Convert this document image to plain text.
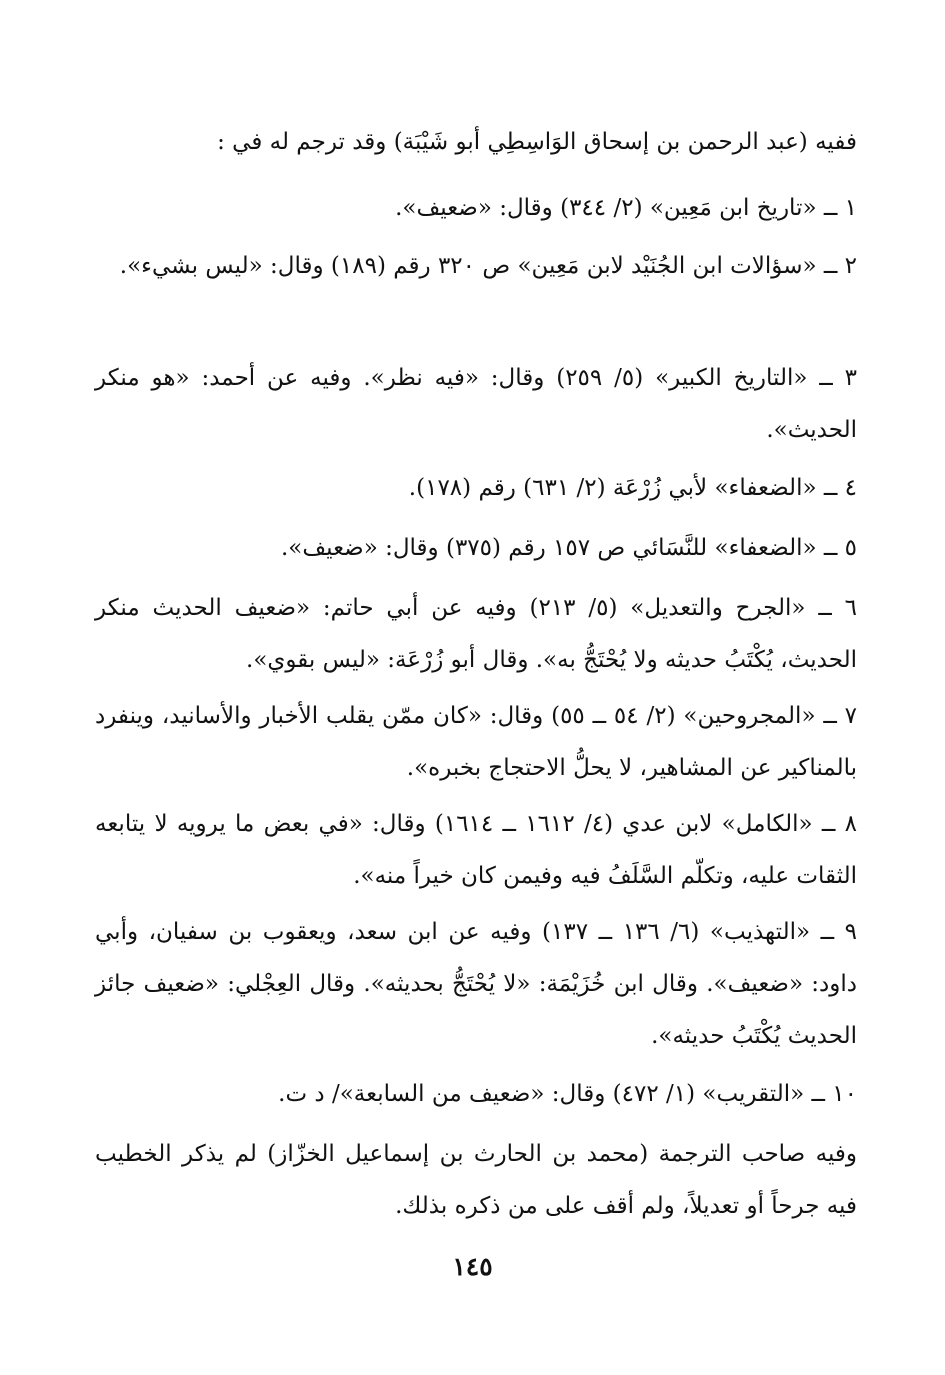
ففيه (عبد الرحمن بن إسحاق الوَاسِطِي أبو شَيْبَة) وقد ترجم له في :
١ ــ «تاريخ ابن مَعِين» (٢/ ٣٤٤) وقال: «ضعيف».
٢ ــ «سؤالات ابن الجُنَيْد لابن مَعِين» ص ٣٢٠ رقم (١٨٩) وقال: «ليس بشيء».
٣ ــ «التاريخ الكبير» (٥/ ٢٥٩) وقال: «فيه نظر». وفيه عن أحمد: «هو منكر الحديث».
٤ ــ «الضعفاء» لأبي زُرْعَة (٢/ ٦٣١) رقم (١٧٨).
٥ ــ «الضعفاء» للنَّسَائي ص ١٥٧ رقم (٣٧٥) وقال: «ضعيف».
٦ ــ «الجرح والتعديل» (٥/ ٢١٣) وفيه عن أبي حاتم: «ضعيف الحديث منكر الحديث، يُكْتَبُ حديثه ولا يُحْتَجُّ به». وقال أبو زُرْعَة: «ليس بقوي».
٧ ــ «المجروحين» (٢/ ٥٤ ــ ٥٥) وقال: «كان ممّن يقلب الأخبار والأسانيد، وينفرد بالمناكير عن المشاهير، لا يحلُّ الاحتجاج بخبره».
٨ ــ «الكامل» لابن عدي (٤/ ١٦١٢ ــ ١٦١٤) وقال: «في بعض ما يرويه لا يتابعه الثقات عليه، وتكلّم السَّلَفُ فيه وفيمن كان خيراً منه».
٩ ــ «التهذيب» (٦/ ١٣٦ ــ ١٣٧) وفيه عن ابن سعد، ويعقوب بن سفيان، وأبي داود: «ضعيف». وقال ابن خُزَيْمَة: «لا يُحْتَجُّ بحديثه». وقال العِجْلي: «ضعيف جائز الحديث يُكْتَبُ حديثه».
١٠ ــ «التقريب» (١/ ٤٧٢) وقال: «ضعيف من السابعة»/ د ت.
وفيه صاحب الترجمة (محمد بن الحارث بن إسماعيل الخزّاز) لم يذكر الخطيب فيه جرحاً أو تعديلاً، ولم أقف على من ذكره بذلك.
١٤٥
